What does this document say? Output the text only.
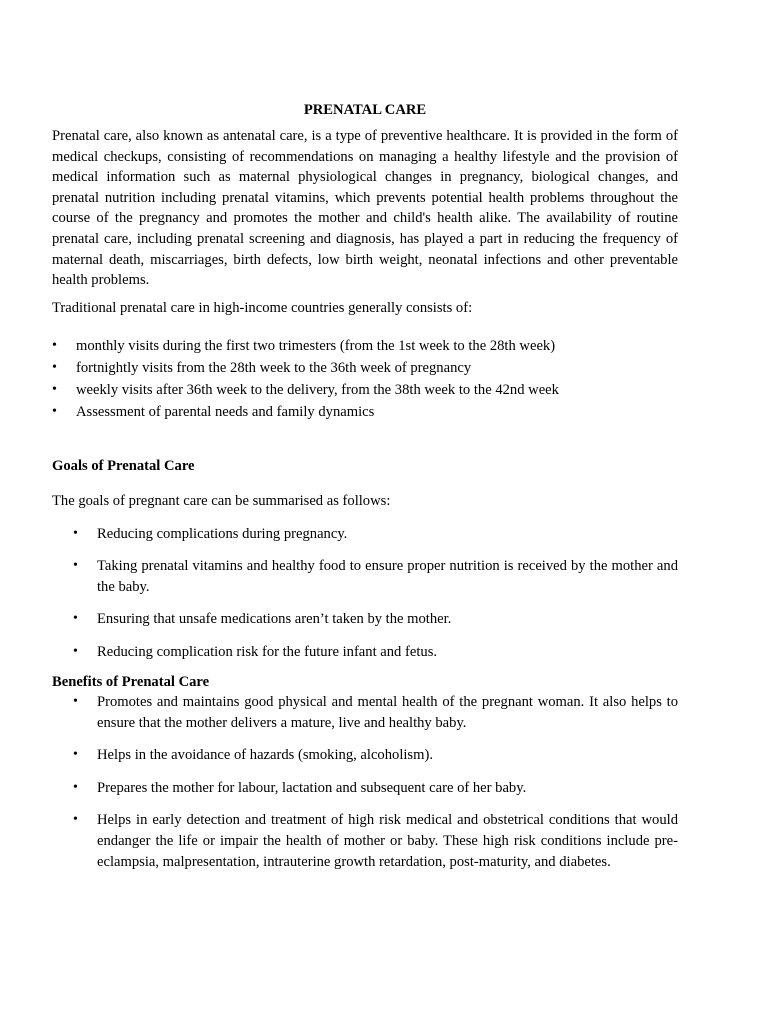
PRENATAL CARE

Prenatal care, also known as antenatal care, is a type of preventive healthcare. It is provided in the form of medical checkups, consisting of recommendations on managing a healthy lifestyle and the provision of medical information such as maternal physiological changes in pregnancy, biological changes, and prenatal nutrition including prenatal vitamins, which prevents potential health problems throughout the course of the pregnancy and promotes the mother and child's health alike. The availability of routine prenatal care, including prenatal screening and diagnosis, has played a part in reducing the frequency of maternal death, miscarriages, birth defects, low birth weight, neonatal infections and other preventable health problems.

Traditional prenatal care in high-income countries generally consists of:

• monthly visits during the first two trimesters (from the 1st week to the 28th week)
• fortnightly visits from the 28th week to the 36th week of pregnancy
• weekly visits after 36th week to the delivery, from the 38th week to the 42nd week
• Assessment of parental needs and family dynamics

Goals of Prenatal Care

The goals of pregnant care can be summarised as follows:

• Reducing complications during pregnancy.
• Taking prenatal vitamins and healthy food to ensure proper nutrition is received by the mother and the baby.
• Ensuring that unsafe medications aren’t taken by the mother.
• Reducing complication risk for the future infant and fetus.

Benefits of Prenatal Care

• Promotes and maintains good physical and mental health of the pregnant woman. It also helps to ensure that the mother delivers a mature, live and healthy baby.
• Helps in the avoidance of hazards (smoking, alcoholism).
• Prepares the mother for labour, lactation and subsequent care of her baby.
• Helps in early detection and treatment of high risk medical and obstetrical conditions that would endanger the life or impair the health of mother or baby. These high risk conditions include pre-eclampsia, malpresentation, intrauterine growth retardation, post-maturity, and diabetes.
